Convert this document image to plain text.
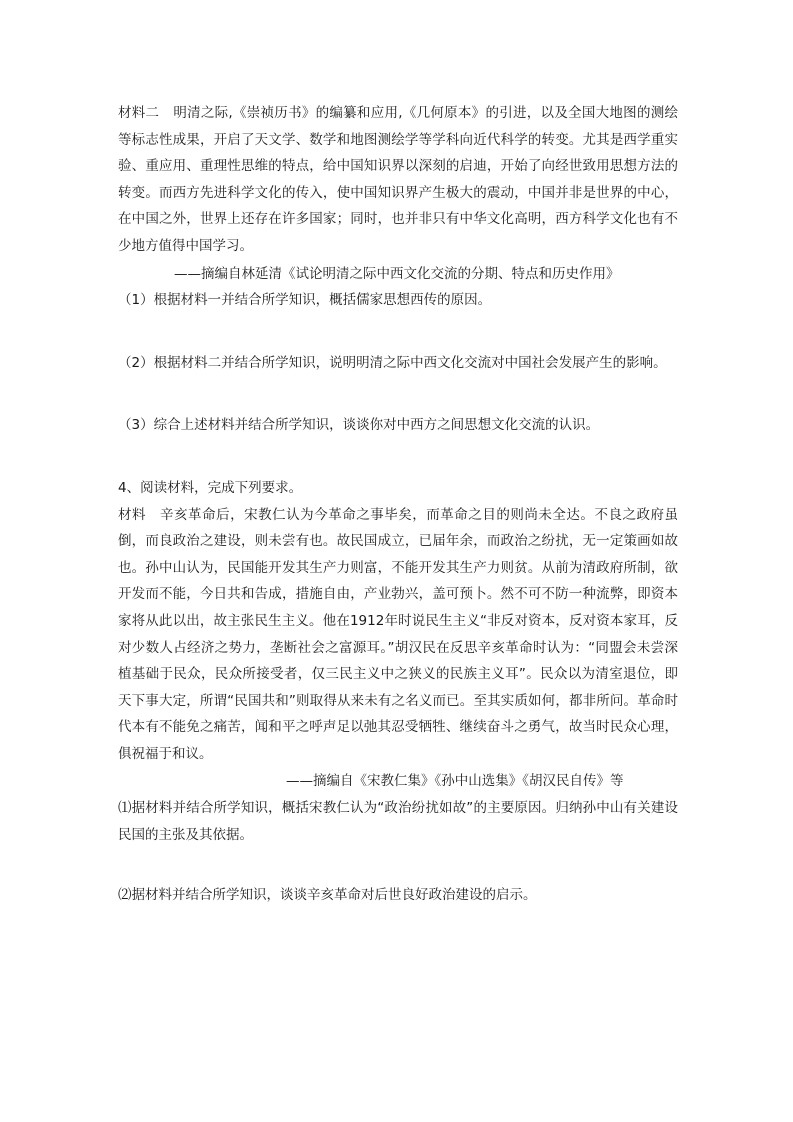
材料二 明清之际,《崇祯历书》的编纂和应用,《几何原本》的引进，以及全国大地图的测绘等标志性成果，开启了天文学、数学和地图测绘学等学科向近代科学的转变。尤其是西学重实验、重应用、重理性思维的特点，给中国知识界以深刻的启迪，开始了向经世致用思想方法的转变。而西方先进科学文化的传入，使中国知识界产生极大的震动，中国并非是世界的中心，在中国之外，世界上还存在许多国家；同时，也并非只有中华文化高明，西方科学文化也有不少地方值得中国学习。

——摘编自林延清《试论明清之际中西文化交流的分期、特点和历史作用》

（1）根据材料一并结合所学知识，概括儒家思想西传的原因。

（2）根据材料二并结合所学知识，说明明清之际中西文化交流对中国社会发展产生的影响。

（3）综合上述材料并结合所学知识，谈谈你对中西方之间思想文化交流的认识。

4、阅读材料，完成下列要求。

材料 辛亥革命后，宋教仁认为今革命之事毕矣，而革命之目的则尚未全达。不良之政府虽倒，而良政治之建设，则未尝有也。故民国成立，已届年余，而政治之纷扰，无一定策画如故也。孙中山认为，民国能开发其生产力则富，不能开发其生产力则贫。从前为清政府所制，欲开发而不能，今日共和告成，措施自由，产业勃兴，盖可预卜。然不可不防一种流弊，即资本家将从此以出，故主张民生主义。他在1912年时说民生主义“非反对资本，反对资本家耳，反对少数人占经济之势力，垄断社会之富源耳。”胡汉民在反思辛亥革命时认为：“同盟会未尝深植基础于民众，民众所接受者，仅三民主义中之狭义的民族主义耳”。民众以为清室退位，即天下事大定，所谓“民国共和”则取得从来未有之名义而已。至其实质如何，都非所问。革命时代本有不能免之痛苦，闻和平之呼声足以弛其忍受牺牲、继续奋斗之勇气，故当时民众心理，俱祝福于和议。

——摘编自《宋教仁集》《孙中山选集》《胡汉民自传》等

⑴据材料并结合所学知识，概括宋教仁认为“政治纷扰如故”的主要原因。归纳孙中山有关建设民国的主张及其依据。

⑵据材料并结合所学知识，谈谈辛亥革命对后世良好政治建设的启示。
